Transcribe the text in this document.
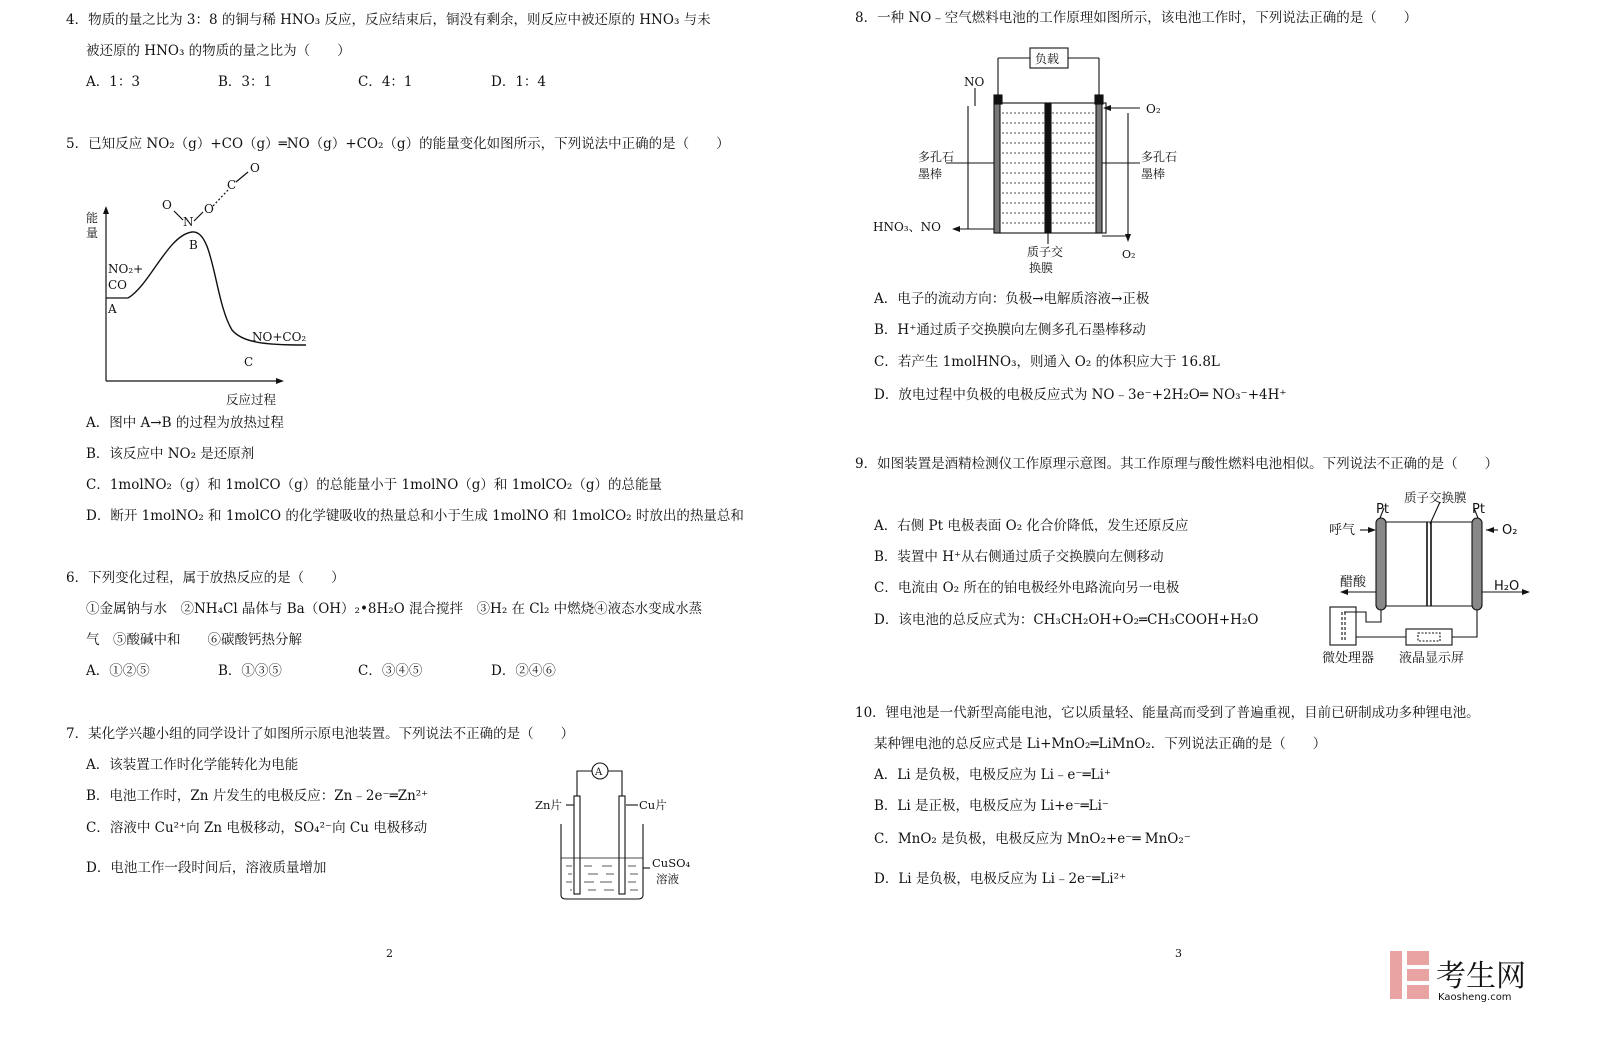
4．物质的量之比为 3：8 的铜与稀 HNO₃ 反应，反应结束后，铜没有剩余，则反应中被还原的 HNO₃ 与未
被还原的 HNO₃ 的物质的量之比为（　　）
A．1：3	B．3：1	C．4：1	D．1：4
5．已知反应 NO₂（g）+CO（g）═NO（g）+CO₂（g）的能量变化如图所示，下列说法中正确的是（　　）
能
量
反应过程
O
N
O
C
O
B
NO₂+
CO
A
NO+CO₂
C
A．图中 A→B 的过程为放热过程
B．该反应中 NO₂ 是还原剂
C．1molNO₂（g）和 1molCO（g）的总能量小于 1molNO（g）和 1molCO₂（g）的总能量
D．断开 1molNO₂ 和 1molCO 的化学键吸收的热量总和小于生成 1molNO 和 1molCO₂ 时放出的热量总和
6．下列变化过程，属于放热反应的是（　　）
①金属钠与水　②NH₄Cl 晶体与 Ba（OH）₂•8H₂O 混合搅拌　③H₂ 在 Cl₂ 中燃烧④液态水变成水蒸
气　⑤酸碱中和　　⑥碳酸钙热分解
A．①②⑤	B．①③⑤	C．③④⑤	D．②④⑥
7．某化学兴趣小组的同学设计了如图所示原电池装置。下列说法不正确的是（　　）
A．该装置工作时化学能转化为电能
B．电池工作时，Zn 片发生的电极反应：Zn﹣2e⁻═Zn²⁺
C．溶液中 Cu²⁺向 Zn 电极移动，SO₄²⁻向 Cu 电极移动
D．电池工作一段时间后，溶液质量增加
A
Zn片	Cu片
CuSO₄
溶液
2
8．一种 NO﹣空气燃料电池的工作原理如图所示，该电池工作时，下列说法正确的是（　　）
负载
NO
O₂
多孔石
墨棒
多孔石
墨棒
HNO₃、NO
质子交
换膜
O₂
A．电子的流动方向：负极→电解质溶液→正极
B．H⁺通过质子交换膜向左侧多孔石墨棒移动
C．若产生 1molHNO₃，则通入 O₂ 的体积应大于 16.8L
D．放电过程中负极的电极反应式为 NO﹣3e⁻+2H₂O═ NO₃⁻+4H⁺
9．如图装置是酒精检测仪工作原理示意图。其工作原理与酸性燃料电池相似。下列说法不正确的是（　　）
A．右侧 Pt 电极表面 O₂ 化合价降低，发生还原反应
B．装置中 H⁺从右侧通过质子交换膜向左侧移动
C．电流由 O₂ 所在的铂电极经外电路流向另一电极
D．该电池的总反应式为：CH₃CH₂OH+O₂═CH₃COOH+H₂O
Pt
质子交换膜
Pt
呼气	O₂
醋酸	H₂O
微处理器 液晶显示屏
10．锂电池是一代新型高能电池，它以质量轻、能量高而受到了普遍重视，目前已研制成功多种锂电池。
某种锂电池的总反应式是 Li+MnO₂═LiMnO₂．下列说法正确的是（　　）
A．Li 是负极，电极反应为 Li﹣e⁻═Li⁺
B．Li 是正极，电极反应为 Li+e⁻═Li⁻
C．MnO₂ 是负极，电极反应为 MnO₂+e⁻═ MnO₂⁻
D．Li 是负极，电极反应为 Li﹣2e⁻═Li²⁺
3
考生网
Kaosheng.com
